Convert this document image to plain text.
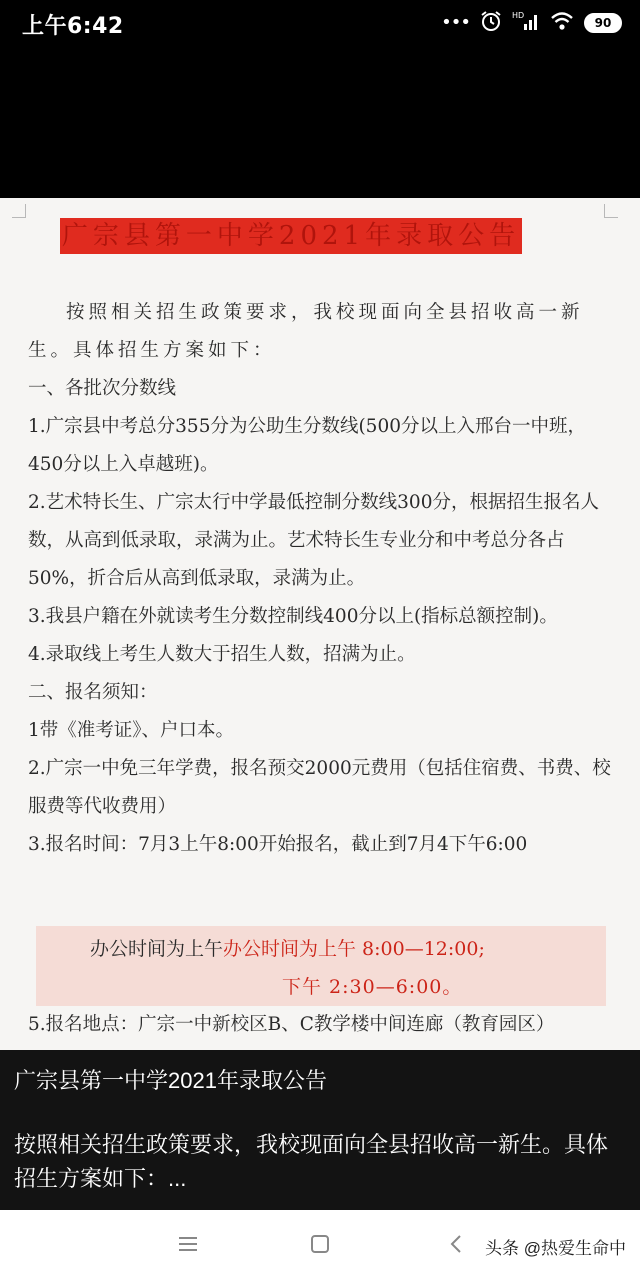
上午6:42	•••	HD
90
广宗县第一中学2021年录取公告

按照相关招生政策要求，我校现面向全县招收高一新生。具体招生方案如下：

一、各批次分数线

1.广宗县中考总分355分为公助生分数线(500分以上入邢台一中班，450分以上入卓越班)。

2.艺术特长生、广宗太行中学最低控制分数线300分，根据招生报名人数，从高到低录取，录满为止。艺术特长生专业分和中考总分各占50%，折合后从高到低录取，录满为止。

3.我县户籍在外就读考生分数控制线400分以上(指标总额控制)。

4.录取线上考生人数大于招生人数，招满为止。

二、报名须知：

1带《准考证》、户口本。

2.广宗一中免三年学费，报名预交2000元费用（包括住宿费、书费、校服费等代收费用）

3.报名时间：7月3上午8:00开始报名，截止到7月4下午6:00

办公时间为上午办公时间为上午 8:00—12:00;
下午 2:30—6:00。
5.报名地点：广宗一中新校区B、C教学楼中间连廊（教育园区）
广宗县第一中学2021年录取公告
按照相关招生政策要求，我校现面向全县招收高一新生。具体招生方案如下：...
头条 @热爱生命中
